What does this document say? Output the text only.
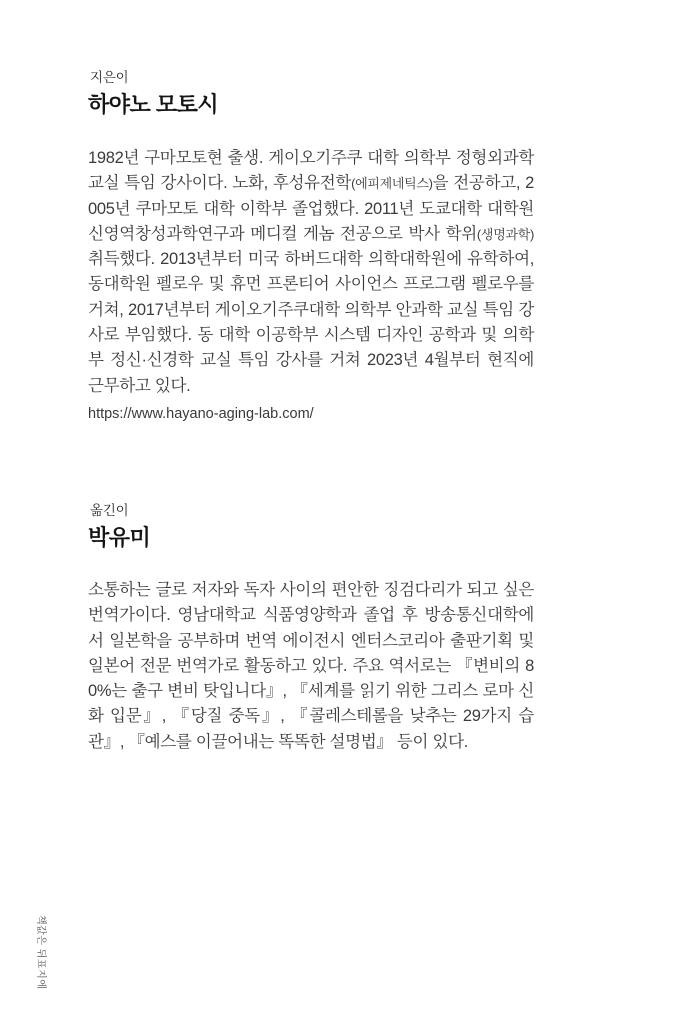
지은이
하야노 모토시

1982년 구마모토현 출생. 게이오기주쿠 대학 의학부 정형외과학 교실 특임 강사이다. 노화, 후성유전학(에피제네틱스)을 전공하고, 2005년 쿠마모토 대학 이학부 졸업했다. 2011년 도쿄대학 대학원 신영역창성과학연구과 메디컬 게놈 전공으로 박사 학위(생명과학) 취득했다. 2013년부터 미국 하버드대학 의학대학원에 유학하여, 동대학원 펠로우 및 휴먼 프론티어 사이언스 프로그램 펠로우를 거쳐, 2017년부터 게이오기주쿠대학 의학부 안과학 교실 특임 강사로 부임했다. 동 대학 이공학부 시스템 디자인 공학과 및 의학부 정신·신경학 교실 특임 강사를 거쳐 2023년 4월부터 현직에 근무하고 있다.

https://www.hayano-aging-lab.com/
옮긴이
박유미

소통하는 글로 저자와 독자 사이의 편안한 징검다리가 되고 싶은 번역가이다. 영남대학교 식품영양학과 졸업 후 방송통신대학에서 일본학을 공부하며 번역 에이전시 엔터스코리아 출판기획 및 일본어 전문 번역가로 활동하고 있다. 주요 역서로는 『변비의 80%는 출구 변비 탓입니다』, 『세계를 읽기 위한 그리스 로마 신화 입문』, 『당질 중독』, 『콜레스테롤을 낮추는 29가지 습관』, 『예스를 이끌어내는 똑똑한 설명법』 등이 있다.

책값은 뒤표지에
